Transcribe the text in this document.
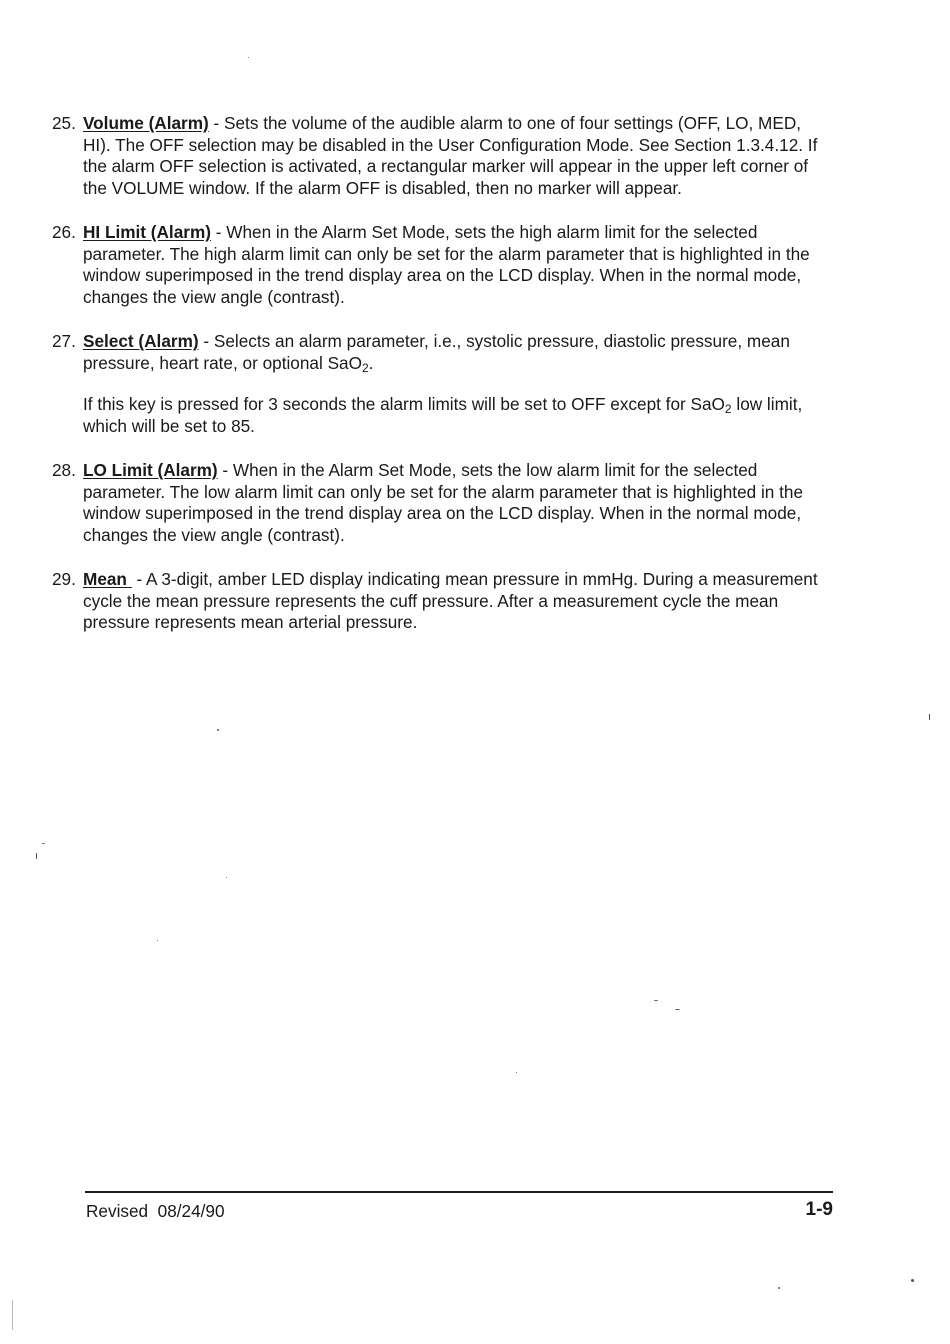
25. Volume (Alarm) - Sets the volume of the audible alarm to one of four settings (OFF, LO, MED, HI). The OFF selection may be disabled in the User Configuration Mode. See Section 1.3.4.12. If the alarm OFF selection is activated, a rectangular marker will appear in the upper left corner of the VOLUME window. If the alarm OFF is disabled, then no marker will appear.
26. HI Limit (Alarm) - When in the Alarm Set Mode, sets the high alarm limit for the selected parameter. The high alarm limit can only be set for the alarm parameter that is highlighted in the window superimposed in the trend display area on the LCD display. When in the normal mode, changes the view angle (contrast).
27. Select (Alarm) - Selects an alarm parameter, i.e., systolic pressure, diastolic pressure, mean pressure, heart rate, or optional SaO$_2$.
If this key is pressed for 3 seconds the alarm limits will be set to OFF except for SaO$_2$ low limit, which will be set to 85.
28. LO Limit (Alarm) - When in the Alarm Set Mode, sets the low alarm limit for the selected parameter. The low alarm limit can only be set for the alarm parameter that is highlighted in the window superimposed in the trend display area on the LCD display. When in the normal mode, changes the view angle (contrast).
29. Mean  - A 3-digit, amber LED display indicating mean pressure in mmHg. During a measurement cycle the mean pressure represents the cuff pressure. After a measurement cycle the mean pressure represents mean arterial pressure.
Revised  08/24/90	1-9
